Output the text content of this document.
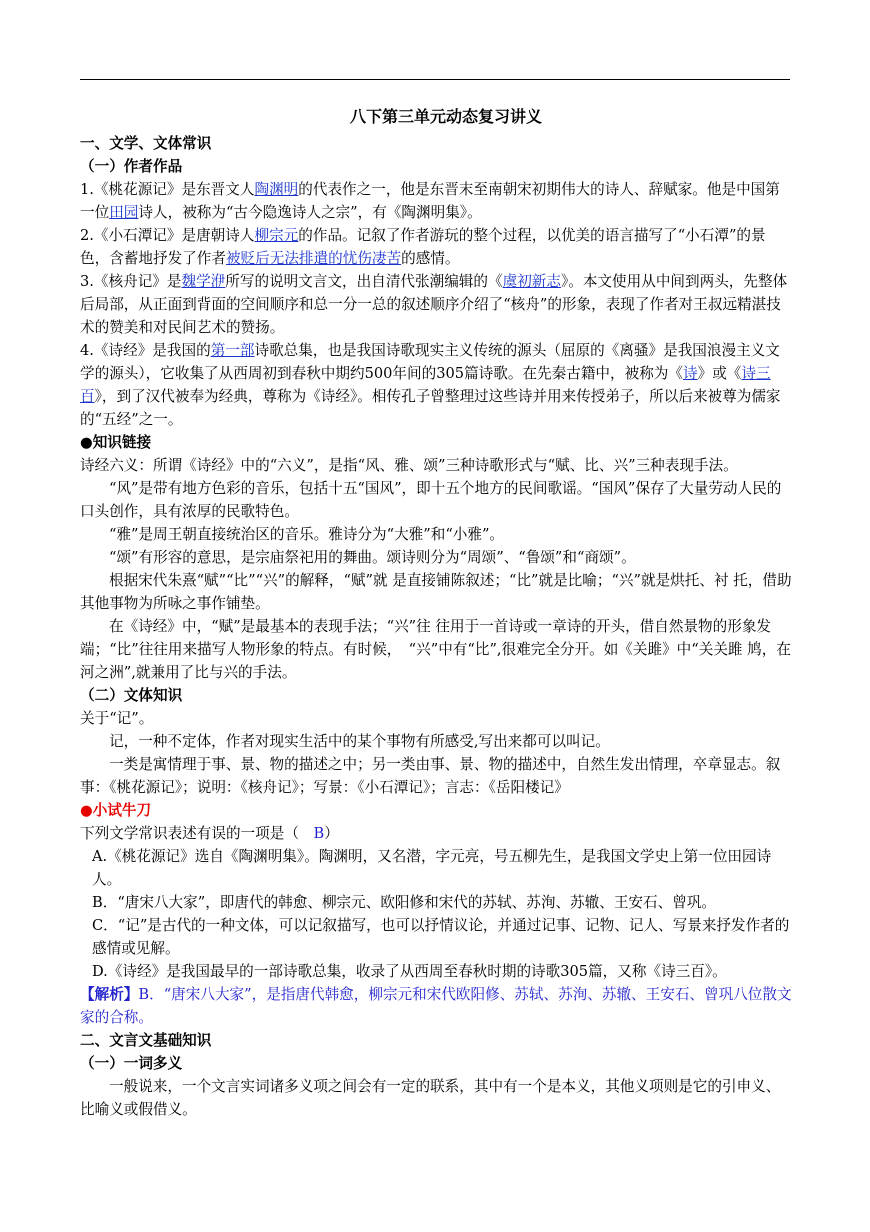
八下第三单元动态复习讲义

一、文学、文体常识

（一）作者作品

1.《桃花源记》是东晋文人陶渊明的代表作之一，他是东晋末至南朝宋初期伟大的诗人、辞赋家。他是中国第一位田园诗人，被称为“古今隐逸诗人之宗”，有《陶渊明集》。

2.《小石潭记》是唐朝诗人柳宗元的作品。记叙了作者游玩的整个过程，以优美的语言描写了“小石潭”的景色，含蓄地抒发了作者被贬后无法排遣的忧伤凄苦的感情。

3.《核舟记》是魏学洢所写的说明文言文，出自清代张潮编辑的《虞初新志》。本文使用从中间到两头，先整体后局部，从正面到背面的空间顺序和总一分一总的叙述顺序介绍了“核舟”的形象，表现了作者对王叔远精湛技术的赞美和对民间艺术的赞扬。

4.《诗经》是我国的第一部诗歌总集，也是我国诗歌现实主义传统的源头（屈原的《离骚》是我国浪漫主义文学的源头），它收集了从西周初到春秋中期约500年间的305篇诗歌。在先秦古籍中，被称为《诗》或《诗三百》，到了汉代被奉为经典，尊称为《诗经》。相传孔子曾整理过这些诗并用来传授弟子，所以后来被尊为儒家的“五经”之一。

●知识链接

诗经六义：所谓《诗经》中的“六义”，是指“风、雅、颂”三种诗歌形式与“赋、比、兴”三种表现手法。

“风”是带有地方色彩的音乐，包括十五“国风”，即十五个地方的民间歌谣。“国风”保存了大量劳动人民的口头创作，具有浓厚的民歌特色。

“雅”是周王朝直接统治区的音乐。雅诗分为“大雅”和“小雅”。

“颂”有形容的意思，是宗庙祭祀用的舞曲。颂诗则分为“周颂”、“鲁颂”和“商颂”。

根据宋代朱熹“赋”“比”“兴”的解释，“赋”就 是直接铺陈叙述；“比”就是比喻；“兴”就是烘托、衬 托，借助其他事物为所咏之事作铺垫。

在《诗经》中，“赋”是最基本的表现手法；“兴”往 往用于一首诗或一章诗的开头，借自然景物的形象发 端；“比”往往用来描写人物形象的特点。有时候，　“兴”中有“比”,很难完全分开。如《关雎》中“关关雎 鸠，在河之洲”,就兼用了比与兴的手法。

（二）文体知识

关于“记”。

记，一种不定体，作者对现实生活中的某个事物有所感受,写出来都可以叫记。

一类是寓情理于事、景、物的描述之中；另一类由事、景、物的描述中，自然生发出情理，卒章显志。叙事：《桃花源记》；说明：《核舟记》；写景：《小石潭记》；言志：《岳阳楼记》

●小试牛刀

下列文学常识表述有误的一项是（　B）

A.《桃花源记》选自《陶渊明集》。陶渊明，又名潜，字元亮，号五柳先生，是我国文学史上第一位田园诗人。

B．“唐宋八大家”，即唐代的韩愈、柳宗元、欧阳修和宋代的苏轼、苏洵、苏辙、王安石、曾巩。

C．“记”是古代的一种文体，可以记叙描写，也可以抒情议论，并通过记事、记物、记人、写景来抒发作者的感情或见解。

D.《诗经》是我国最早的一部诗歌总集，收录了从西周至春秋时期的诗歌305篇，又称《诗三百》。

【解析】B．“唐宋八大家”，是指唐代韩愈，柳宗元和宋代欧阳修、苏轼、苏洵、苏辙、王安石、曾巩八位散文家的合称。

二、文言文基础知识

（一）一词多义

一般说来，一个文言实词诸多义项之间会有一定的联系，其中有一个是本义，其他义项则是它的引申义、比喻义或假借义。
